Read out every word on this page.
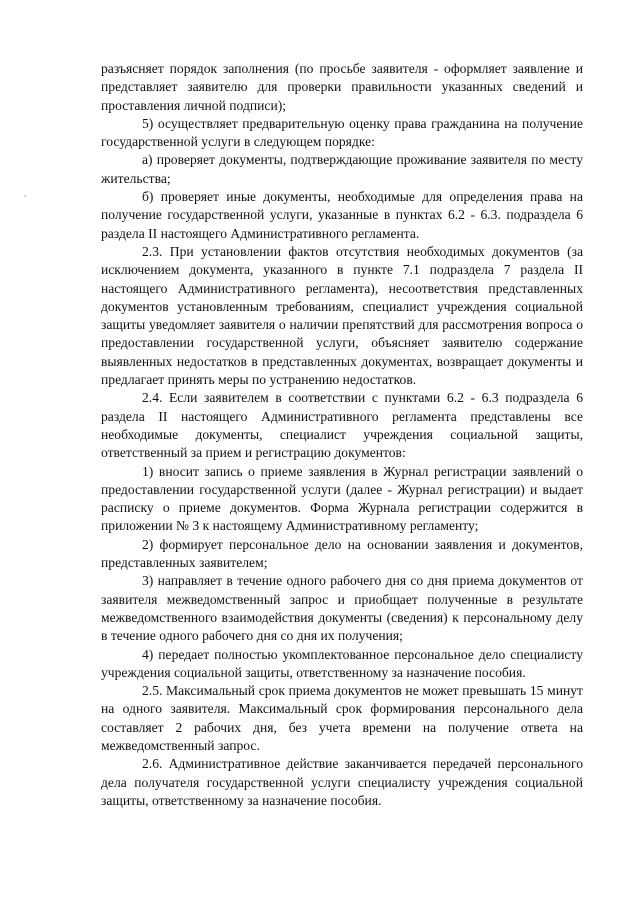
разъясняет порядок заполнения (по просьбе заявителя - оформляет заявление и представляет заявителю для проверки правильности указанных сведений и проставления личной подписи);

5) осуществляет предварительную оценку права гражданина на получение государственной услуги в следующем порядке:

а) проверяет документы, подтверждающие проживание заявителя по месту жительства;

б) проверяет иные документы, необходимые для определения права на получение государственной услуги, указанные в пунктах 6.2 - 6.3. подраздела 6 раздела II настоящего Административного регламента.

2.3. При установлении фактов отсутствия необходимых документов (за исключением документа, указанного в пункте 7.1 подраздела 7 раздела II настоящего Административного регламента), несоответствия представленных документов установленным требованиям, специалист учреждения социальной защиты уведомляет заявителя о наличии препятствий для рассмотрения вопроса о предоставлении государственной услуги, объясняет заявителю содержание выявленных недостатков в представленных документах, возвращает документы и предлагает принять меры по устранению недостатков.

2.4. Если заявителем в соответствии с пунктами 6.2 - 6.3 подраздела 6 раздела II настоящего Административного регламента представлены все необходимые документы, специалист учреждения социальной защиты, ответственный за прием и регистрацию документов:

1) вносит запись о приеме заявления в Журнал регистрации заявлений о предоставлении государственной услуги (далее - Журнал регистрации) и выдает расписку о приеме документов. Форма Журнала регистрации содержится в приложении № 3 к настоящему Административному регламенту;

2) формирует персональное дело на основании заявления и документов, представленных заявителем;

3) направляет в течение одного рабочего дня со дня приема документов от заявителя межведомственный запрос и приобщает полученные в результате межведомственного взаимодействия документы (сведения) к персональному делу в течение одного рабочего дня со дня их получения;

4) передает полностью укомплектованное персональное дело специалисту учреждения социальной защиты, ответственному за назначение пособия.

2.5. Максимальный срок приема документов не может превышать 15 минут на одного заявителя. Максимальный срок формирования персонального дела составляет 2 рабочих дня, без учета времени на получение ответа на межведомственный запрос.

2.6. Административное действие заканчивается передачей персонального дела получателя государственной услуги специалисту учреждения социальной защиты, ответственному за назначение пособия.
